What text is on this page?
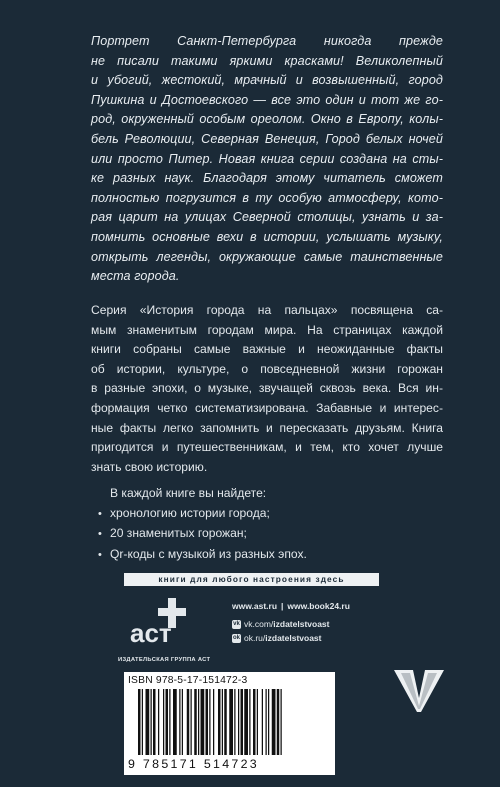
Портрет Санкт-Петербурга никогда прежде
не писали такими яркими красками! Великолепный
и убогий, жестокий, мрачный и возвышенный, город
Пушкина и Достоевского — все это один и тот же го-
род, окруженный особым ореолом. Окно в Европу, колы-
бель Революции, Северная Венеция, Город белых ночей
или просто Питер. Новая книга серии создана на сты-
ке разных наук. Благодаря этому читатель сможет
полностью погрузится в ту особую атмосферу, кото-
рая царит на улицах Северной столицы, узнать и за-
помнить основные вехи в истории, услышать музыку,
открыть легенды, окружающие самые таинственные
места города.
Серия «История города на пальцах» посвящена са-
мым знаменитым городам мира. На страницах каждой
книги собраны самые важные и неожиданные факты
об истории, культуре, о повседневной жизни горожан
в разные эпохи, о музыке, звучащей сквозь века. Вся ин-
формация четко систематизирована. Забавные и интерес-
ные факты легко запомнить и пересказать друзьям. Книга
пригодится и путешественникам, и тем, кто хочет лучше
знать свою историю.
В каждой книге вы найдете:
• хронологию истории города;
• 20 знаменитых горожан;
• Qr-коды с музыкой из разных эпох.
книги для любого настроения здесь
аст
ИЗДАТЕЛЬСКАЯ ГРУППА АСТ
www.ast.ru | www.book24.ru
vk vk.com/ izdatelstvoast
ok ok.ru/ izdatelstvoast
ISBN 978-5-17-151472-3
9 785171 514723
